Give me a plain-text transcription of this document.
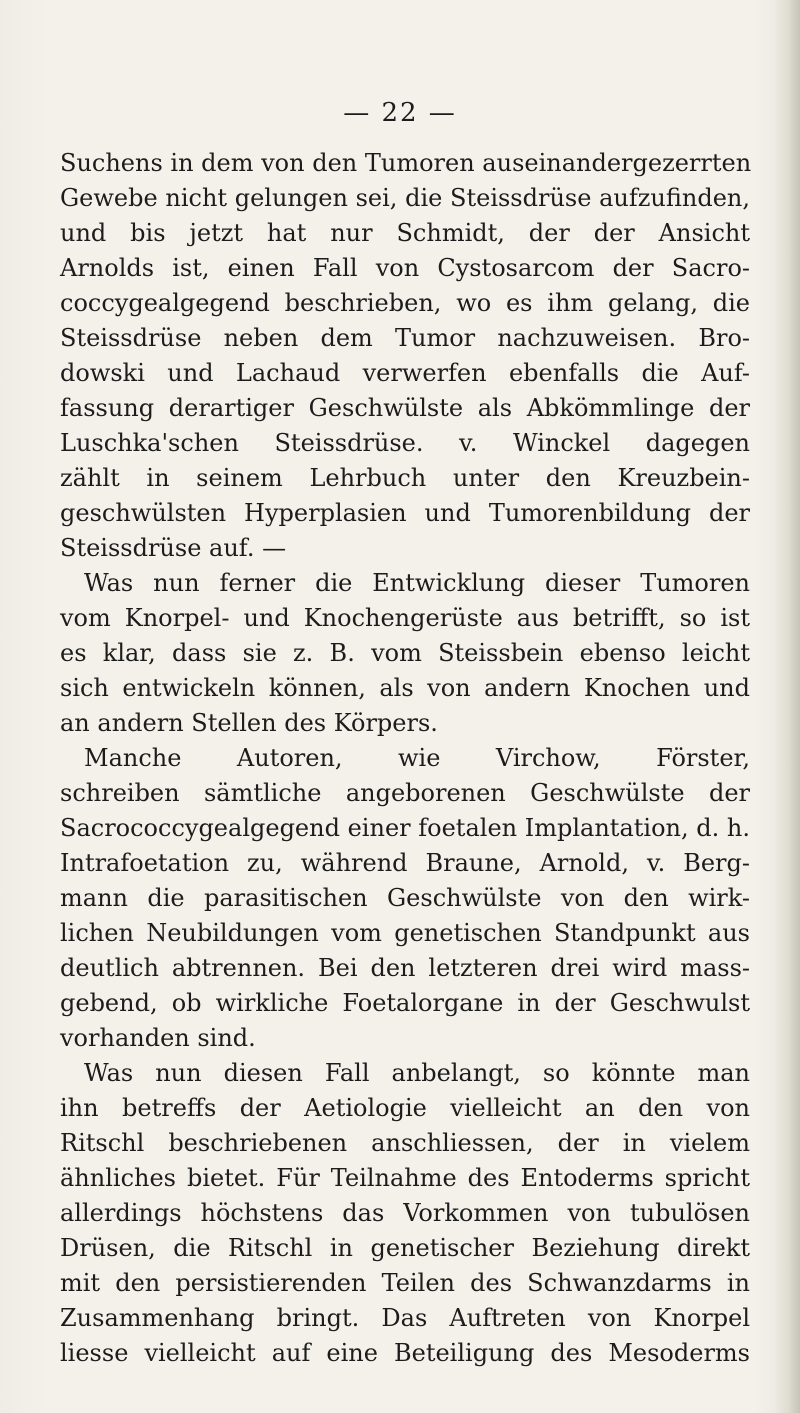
— 22 —
Suchens in dem von den Tumoren auseinandergezerrten
Gewebe nicht gelungen sei, die Steissdrüse aufzufinden,
und bis jetzt hat nur Schmidt, der der Ansicht
Arnolds ist, einen Fall von Cystosarcom der Sacro-
coccygealgegend beschrieben, wo es ihm gelang, die
Steissdrüse neben dem Tumor nachzuweisen. Bro-
dowski und Lachaud verwerfen ebenfalls die Auf-
fassung derartiger Geschwülste als Abkömmlinge der
Luschka'schen Steissdrüse. v. Winckel dagegen
zählt in seinem Lehrbuch unter den Kreuzbein-
geschwülsten Hyperplasien und Tumorenbildung der
Steissdrüse auf. —
Was nun ferner die Entwicklung dieser Tumoren
vom Knorpel- und Knochengerüste aus betrifft, so ist
es klar, dass sie z. B. vom Steissbein ebenso leicht
sich entwickeln können, als von andern Knochen und
an andern Stellen des Körpers.
Manche Autoren, wie Virchow, Förster,
schreiben sämtliche angeborenen Geschwülste der
Sacrococcygealgegend einer foetalen Implantation, d. h.
Intrafoetation zu, während Braune, Arnold, v. Berg-
mann die parasitischen Geschwülste von den wirk-
lichen Neubildungen vom genetischen Standpunkt aus
deutlich abtrennen. Bei den letzteren drei wird mass-
gebend, ob wirkliche Foetalorgane in der Geschwulst
vorhanden sind.
Was nun diesen Fall anbelangt, so könnte man
ihn betreffs der Aetiologie vielleicht an den von
Ritschl beschriebenen anschliessen, der in vielem
ähnliches bietet. Für Teilnahme des Entoderms spricht
allerdings höchstens das Vorkommen von tubulösen
Drüsen, die Ritschl in genetischer Beziehung direkt
mit den persistierenden Teilen des Schwanzdarms in
Zusammenhang bringt. Das Auftreten von Knorpel
liesse vielleicht auf eine Beteiligung des Mesoderms
